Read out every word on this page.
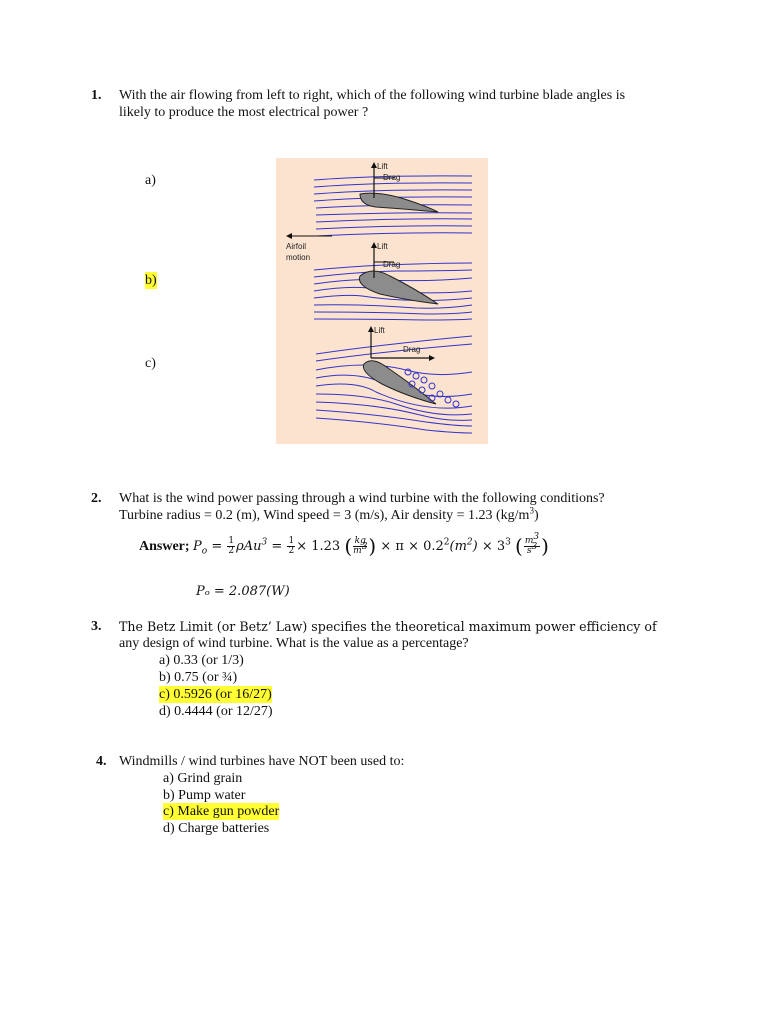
1. With the air flowing from left to right, which of the following wind turbine blade angles is
likely to produce the most electrical power ?
a)
b)
c)
Lift
Drag
Airfoil
motion
Lift
Drag
Lift
Drag
2. What is the wind power passing through a wind turbine with the following conditions?
Turbine radius = 0.2 (m), Wind speed = 3 (m/s), Air density = 1.23 $(kg/m^3)$
Answer; $P_o = \frac{1}{2} \rho Au^3 = \frac{1}{2} \times 1.23$ ( $\frac{kg}{m^3}$ ) × $\pi \times 0.2^2(m^2) \times 3^3$ ( $\frac{m^3}{s^3}$ )
Pₒ = 2.087(W)
3. The Betz Limit (or Betz’ Law) specifies the theoretical maximum power efficiency of
any design of wind turbine. What is the value as a percentage?
a) 0.33 (or 1/3)
b) 0.75 (or ¾)
c) 0.5926 (or 16/27)
d) 0.4444 (or 12/27)
4. Windmills / wind turbines have NOT been used to:
a) Grind grain
b) Pump water
c) Make gun powder
d) Charge batteries
